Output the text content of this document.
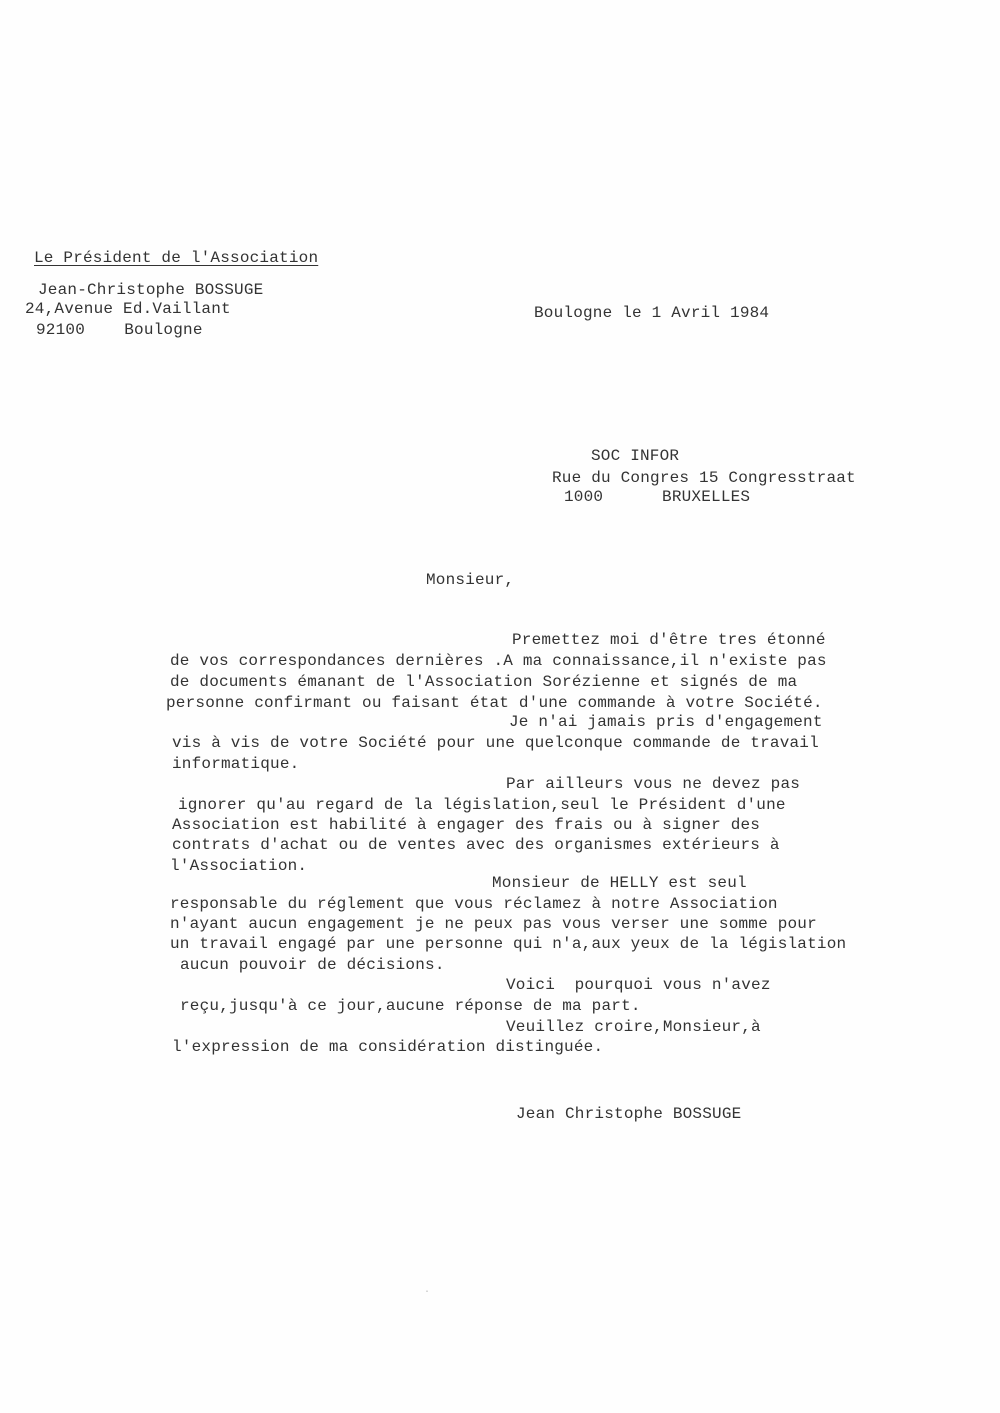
Le Président de l'Association
Jean-Christophe BOSSUGE
24,Avenue Ed.Vaillant
92100    Boulogne
Boulogne le 1 Avril 1984
SOC INFOR
Rue du Congres 15 Congresstraat
1000      BRUXELLES
Monsieur,
Premettez moi d'être tres étonné
de vos correspondances dernières .A ma connaissance,il n'existe pas
de documents émanant de l'Association Sorézienne et signés de ma
personne confirmant ou faisant état d'une commande à votre Société.
Je n'ai jamais pris d'engagement
vis à vis de votre Société pour une quelconque commande de travail
informatique.
Par ailleurs vous ne devez pas
ignorer qu'au regard de la législation,seul le Président d'une
Association est habilité à engager des frais ou à signer des
contrats d'achat ou de ventes avec des organismes extérieurs à
l'Association.
Monsieur de HELLY est seul
responsable du réglement que vous réclamez à notre Association
n'ayant aucun engagement je ne peux pas vous verser une somme pour
un travail engagé par une personne qui n'a,aux yeux de la législation
aucun pouvoir de décisions.
Voici  pourquoi vous n'avez
reçu,jusqu'à ce jour,aucune réponse de ma part.
Veuillez croire,Monsieur,à
l'expression de ma considération distinguée.
Jean Christophe BOSSUGE
·
